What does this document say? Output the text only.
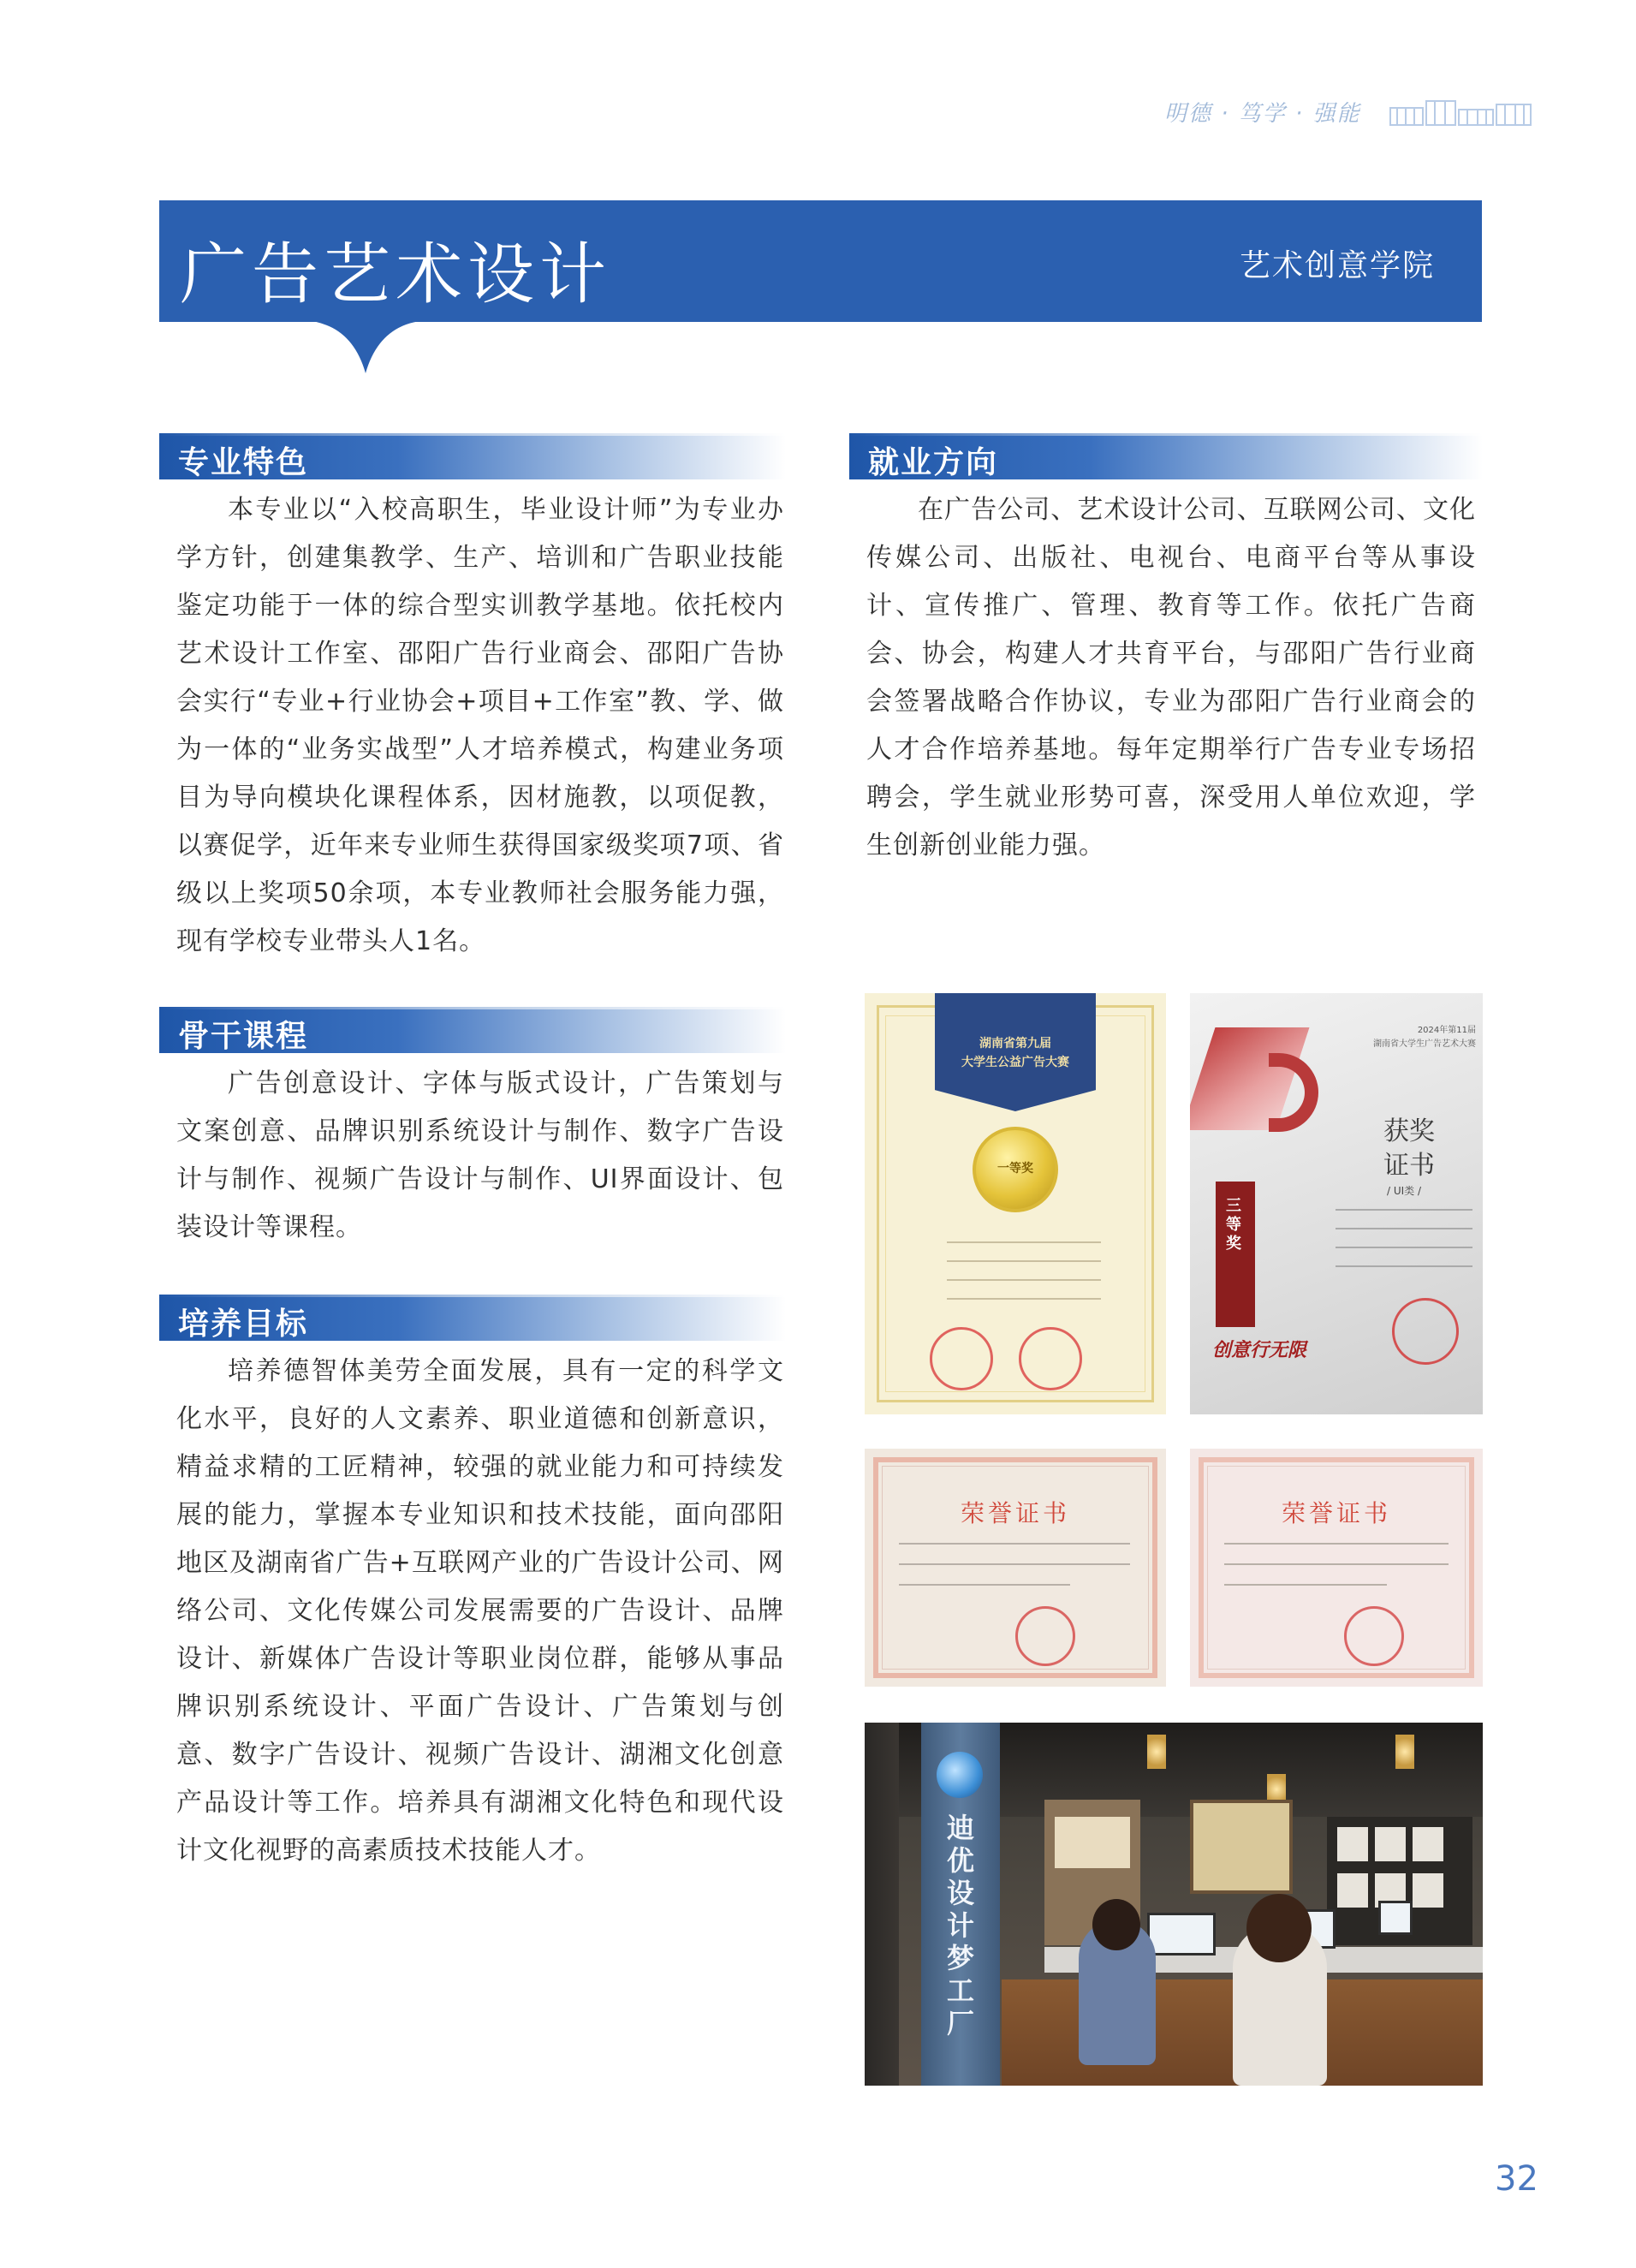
明德 · 笃学 · 强能
广告艺术设计	艺术创意学院
专业特色
本专业以“入校高职生，毕业设计师”为专业办学方针，创建集教学、生产、培训和广告职业技能鉴定功能于一体的综合型实训教学基地。依托校内艺术设计工作室、邵阳广告行业商会、邵阳广告协会实行“专业+行业协会+项目+工作室”教、学、做为一体的“业务实战型”人才培养模式，构建业务项目为导向模块化课程体系，因材施教，以项促教，以赛促学，近年来专业师生获得国家级奖项7项、省级以上奖项50余项，本专业教师社会服务能力强，现有学校专业带头人1名。
骨干课程
广告创意设计、字体与版式设计，广告策划与文案创意、品牌识别系统设计与制作、数字广告设计与制作、视频广告设计与制作、UI界面设计、包装设计等课程。
培养目标
培养德智体美劳全面发展，具有一定的科学文化水平，良好的人文素养、职业道德和创新意识，精益求精的工匠精神，较强的就业能力和可持续发展的能力，掌握本专业知识和技术技能，面向邵阳地区及湖南省广告+互联网产业的广告设计公司、网络公司、文化传媒公司发展需要的广告设计、品牌设计、新媒体广告设计等职业岗位群，能够从事品牌识别系统设计、平面广告设计、广告策划与创意、数字广告设计、视频广告设计、湖湘文化创意产品设计等工作。培养具有湖湘文化特色和现代设计文化视野的高素质技术技能人才。
就业方向
在广告公司、艺术设计公司、互联网公司、文化传媒公司、出版社、电视台、电商平台等从事设计、宣传推广、管理、教育等工作。依托广告商会、协会，构建人才共育平台，与邵阳广告行业商会签署战略合作协议，专业为邵阳广告行业商会的人才合作培养基地。每年定期举行广告专业专场招聘会，学生就业形势可喜，深受用人单位欢迎，学生创新创业能力强。
湖南省第九届
大学生公益广告大赛
一等奖
三等奖
2024年第11届
湖南省大学生广告艺术大赛
获奖
证书
/ UI类 /
创意行无限
荣誉证书	荣誉证书
迪优设计梦工厂
32
